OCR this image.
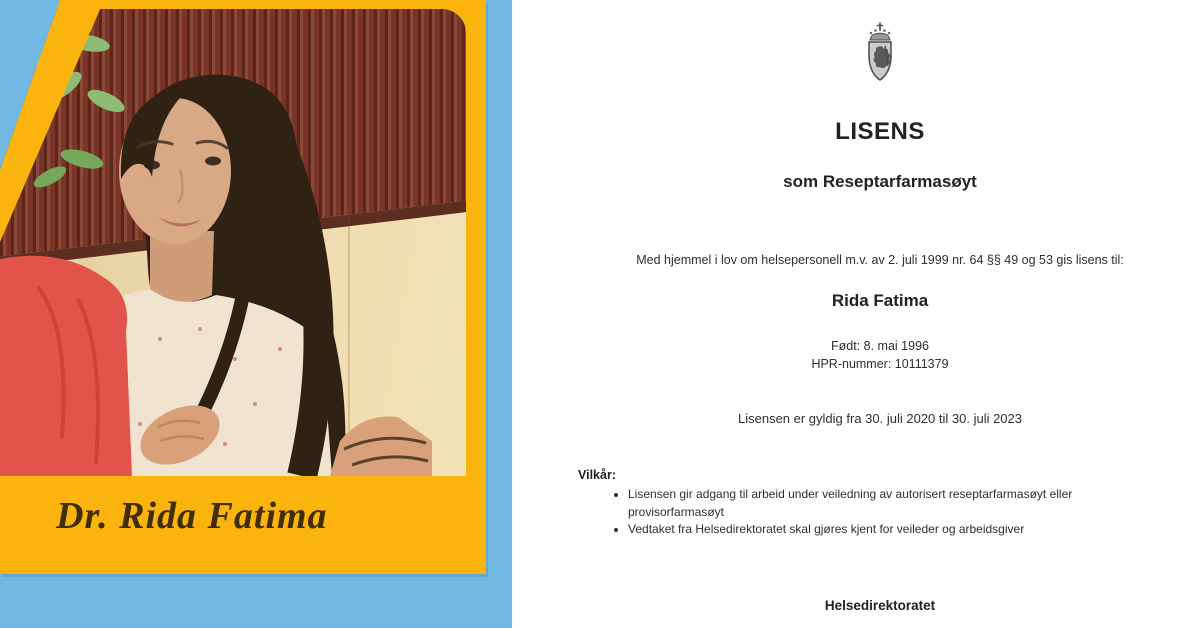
Dr. Rida Fatima
LISENS
som Reseptarfarmasøyt
Med hjemmel i lov om helsepersonell m.v. av 2. juli 1999 nr. 64 §§ 49 og 53 gis lisens til:
Rida Fatima
Født: 8. mai 1996
HPR-nummer: 10111379
Lisensen er gyldig fra 30. juli 2020 til 30. juli 2023
Vilkår:
• Lisensen gir adgang til arbeid under veiledning av autorisert reseptarfarmasøyt eller provisorfarmasøyt
• Vedtaket fra Helsedirektoratet skal gjøres kjent for veileder og arbeidsgiver
Helsedirektoratet
